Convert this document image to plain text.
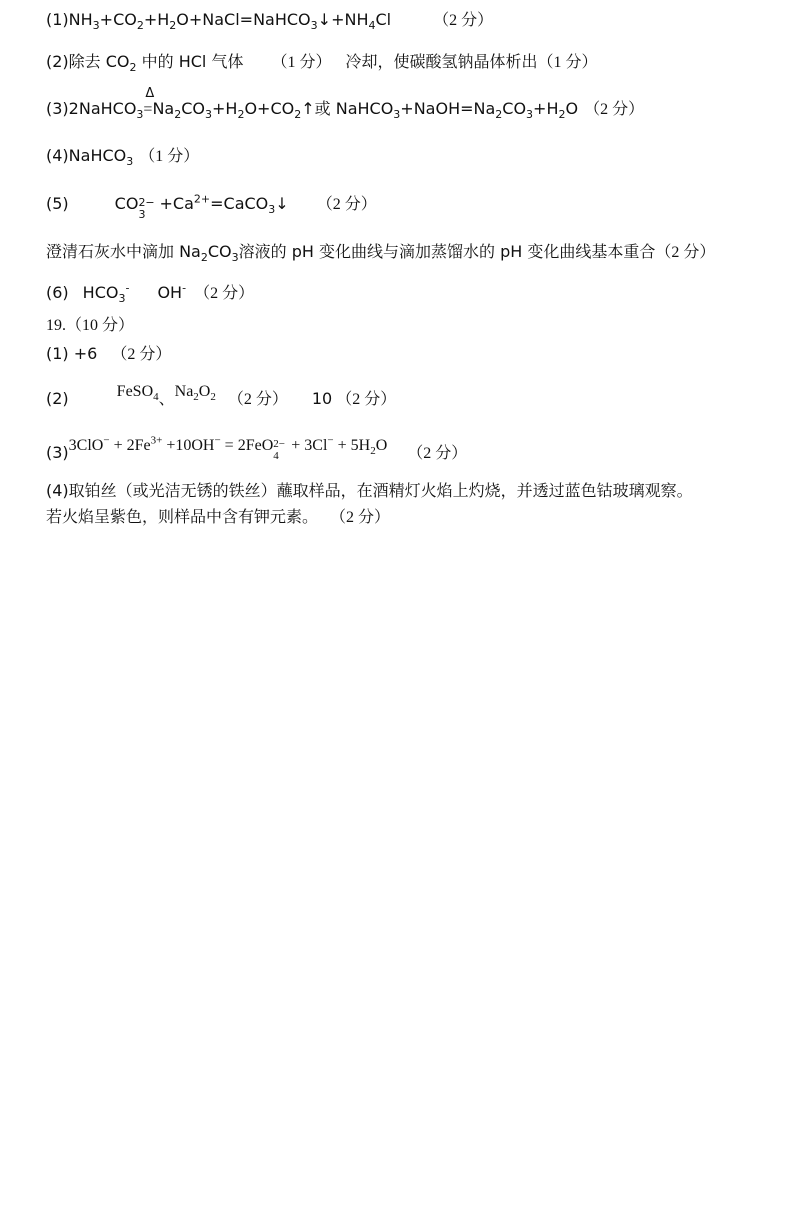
$(1)NH_3+CO_2+H_2O+NaCl=NaHCO_3↓+NH_4Cl$	（2 分）
(2)除去 $CO_2$ 中的 HCl 气体 （1 分） 冷却，使碳酸氢钠晶体析出（1 分）
(3)2NaHCO$_3$
Δ
$=Na_2CO_3+H_2O+CO_2↑$或 $NaHCO_3+NaOH=Na_2CO_3+H_2O$ （2 分）
(4)NaHCO$_3$ （1 分）
(5)	CO 2−
3
$+Ca^{2+}=CaCO_3↓$ （2 分）
澄清石灰水中滴加 $Na_2CO_3$溶液的 pH 变化曲线与滴加蒸馏水的 pH 变化曲线基本重合（2 分）
(6) $HCO_3^-$ OH- （2 分）
19.（10 分）
(1) +6 （2 分）
(2)	FeSO$_4$、$Na_2O_2$ （2 分） 10 （2 分）
$(3)3ClO^- + 2Fe^{3+} +10OH^- = 2FeO$ 2−
4
+ $3Cl^- + 5H_2O$ （2 分）
(4)取铂丝（或光洁无锈的铁丝）蘸取样品，在酒精灯火焰上灼烧，并透过蓝色钴玻璃观察。
若火焰呈紫色，则样品中含有钾元素。 （2 分）
